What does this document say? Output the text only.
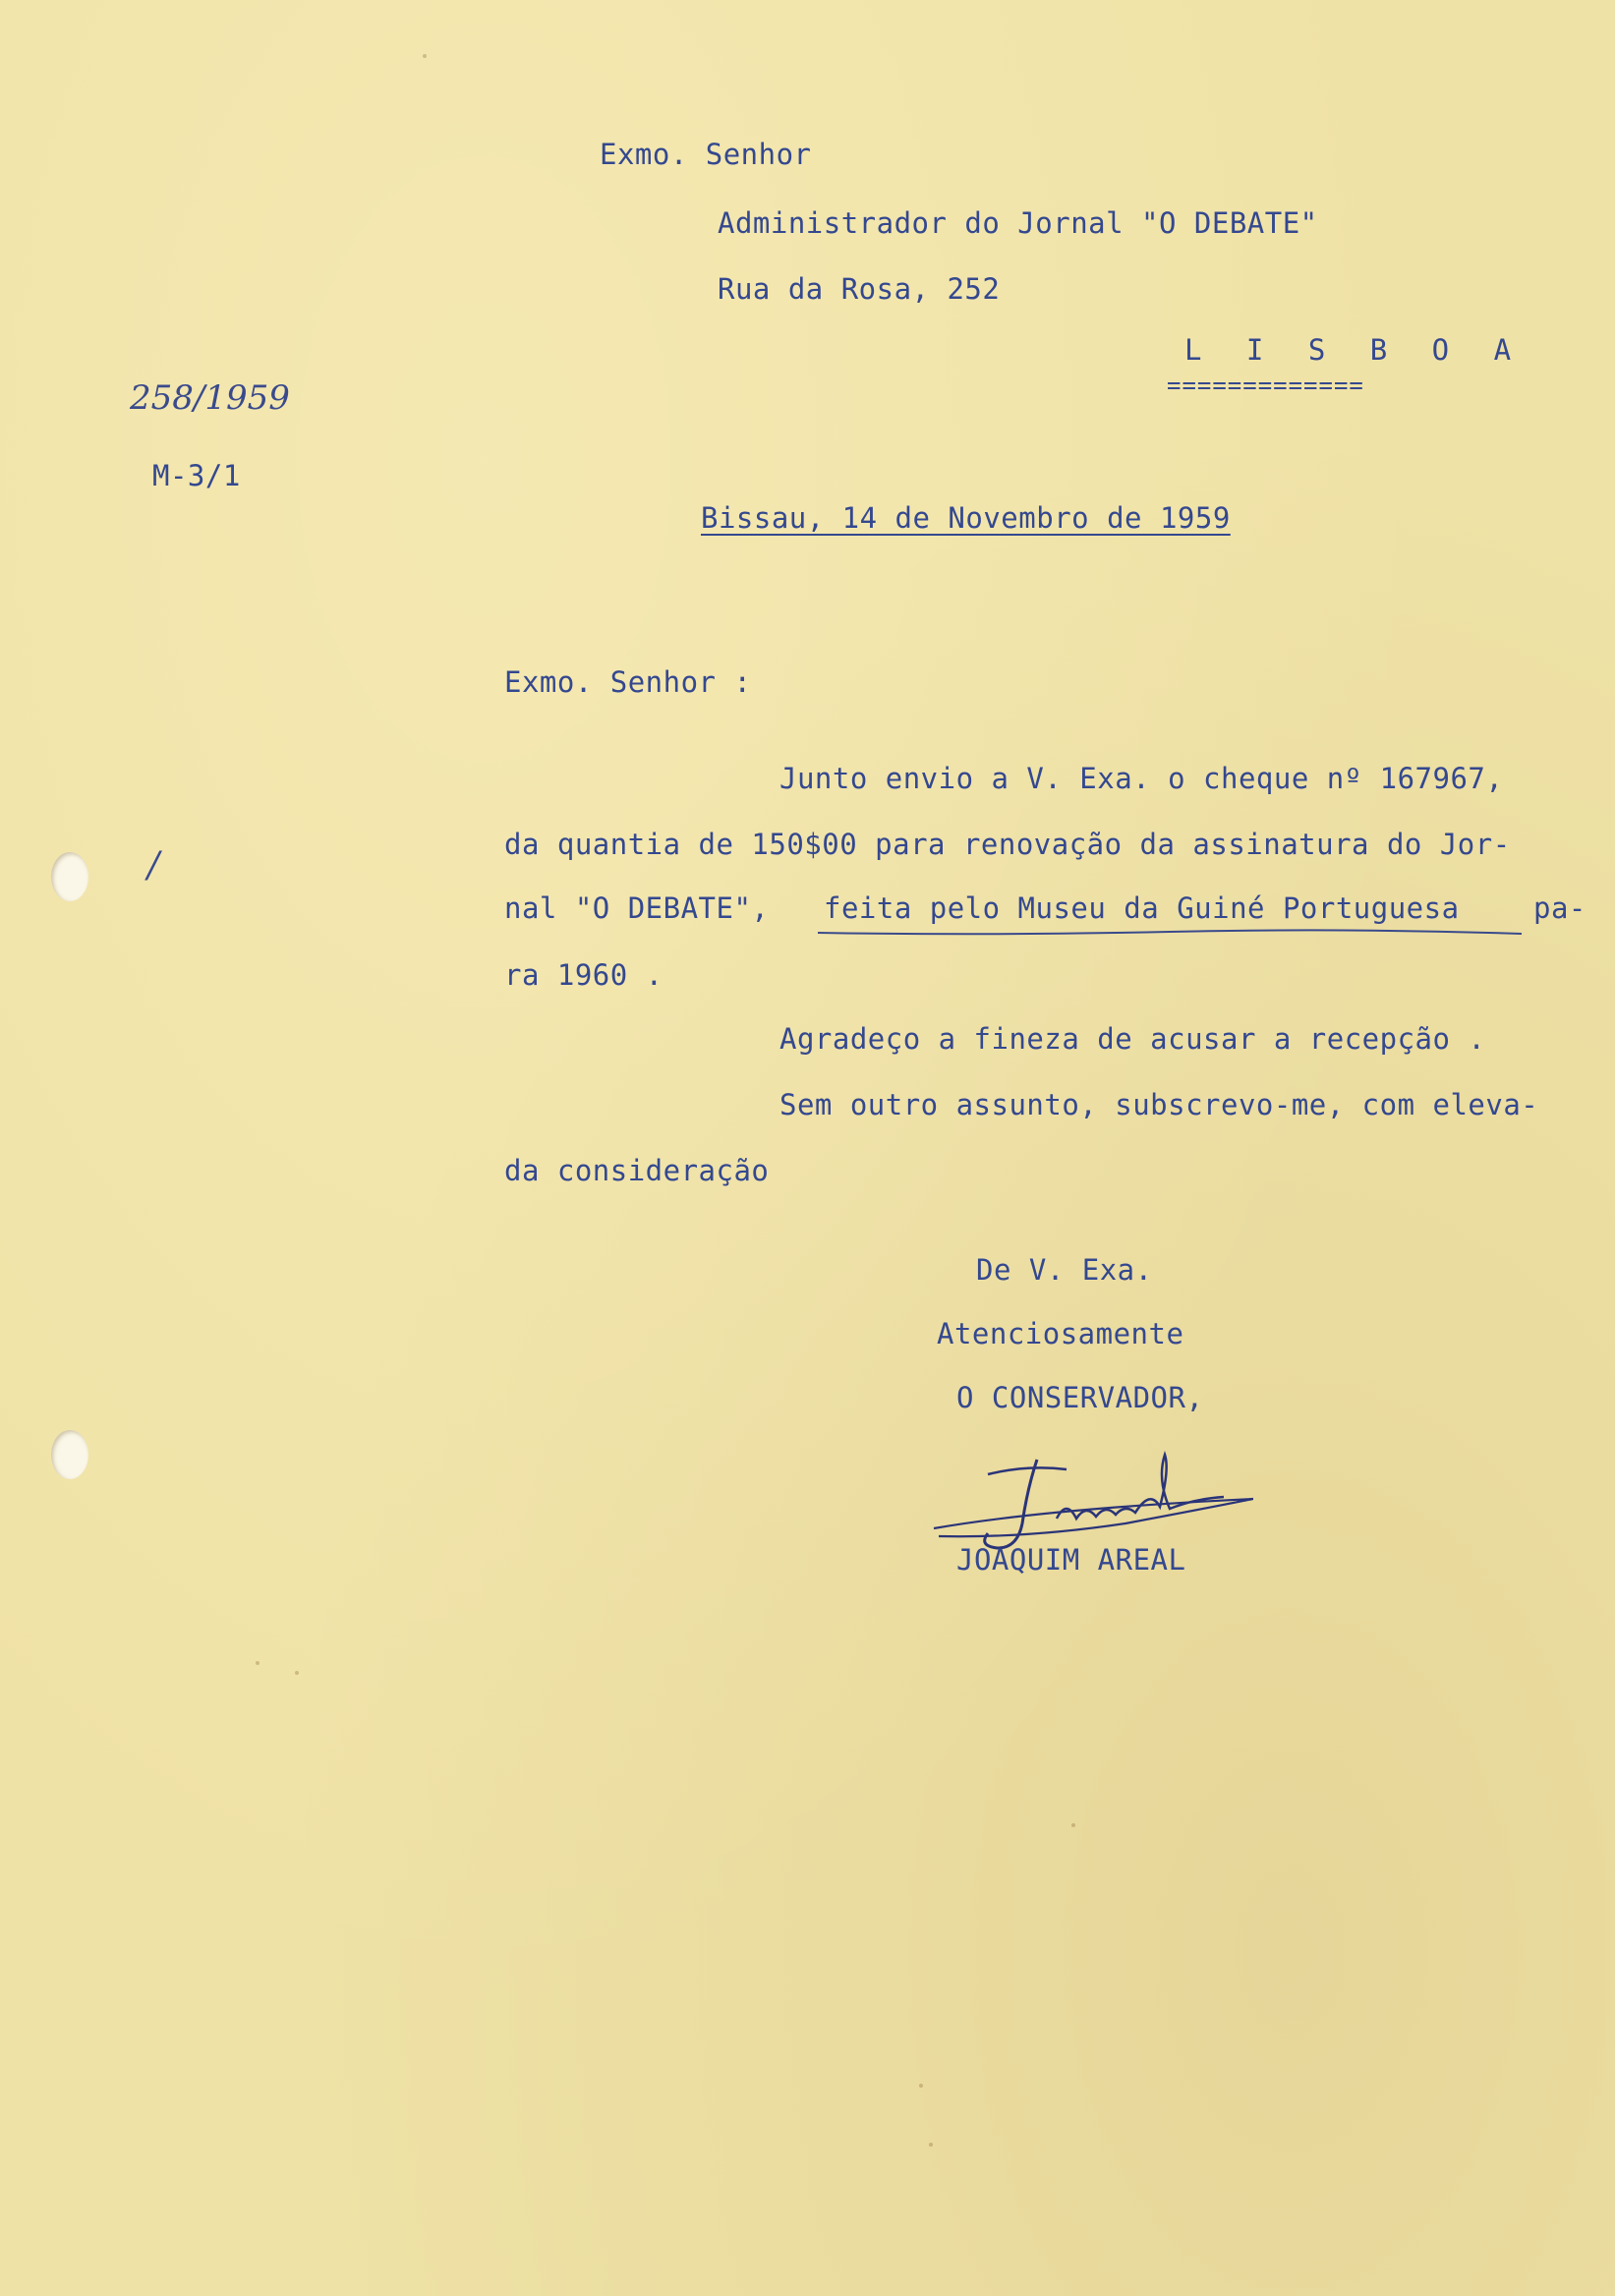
Exmo. Senhor
Administrador do Jornal "O DEBATE"
Rua da Rosa, 252
L I S B O A
=============
258/1959
M-3/1
Bissau, 14 de Novembro de 1959
Exmo. Senhor :
Junto envio a V. Exa. o cheque nº 167967,
da quantia de 150$00 para renovação da assinatura do Jor-
nal "O DEBATE", feita pelo Museu da Guiné Portuguesa	pa-
ra 1960 .
Agradeço a fineza de acusar a recepção .
Sem outro assunto, subscrevo-me, com eleva-
da consideração
/
De V. Exa.
Atenciosamente
O CONSERVADOR,
JOAQUIM AREAL
